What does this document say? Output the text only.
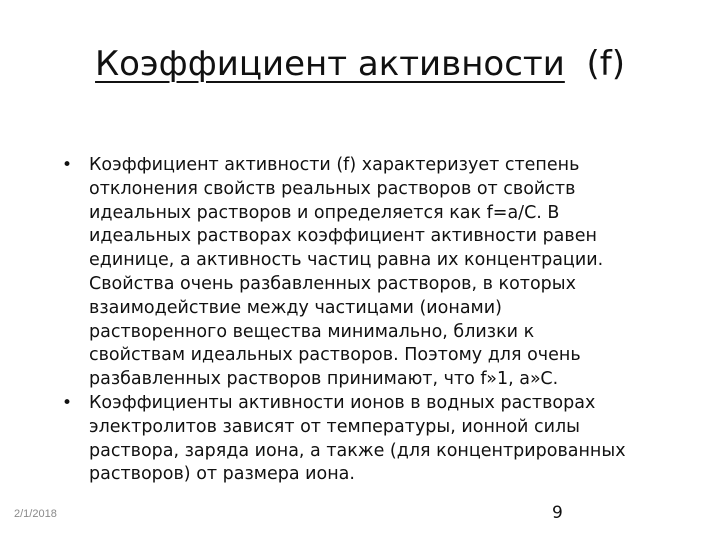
Коэффициент активности (f)
• Коэффициент активности (f) характеризует степень
отклонения свойств реальных растворов от свойств
идеальных растворов и определяется как f=a/C. В
идеальных растворах коэффициент активности равен
единице, а активность частиц равна их концентрации.
Свойства очень разбавленных растворов, в которых
взаимодействие между частицами (ионами)
растворенного вещества минимально, близки к
свойствам идеальных растворов. Поэтому для очень
разбавленных растворов принимают, что f»1, a»C.
• Коэффициенты активности ионов в водных растворах
электролитов зависят от температуры, ионной силы
раствора, заряда иона, а также (для концентрированных
растворов) от размера иона.
2/1/2018	9
